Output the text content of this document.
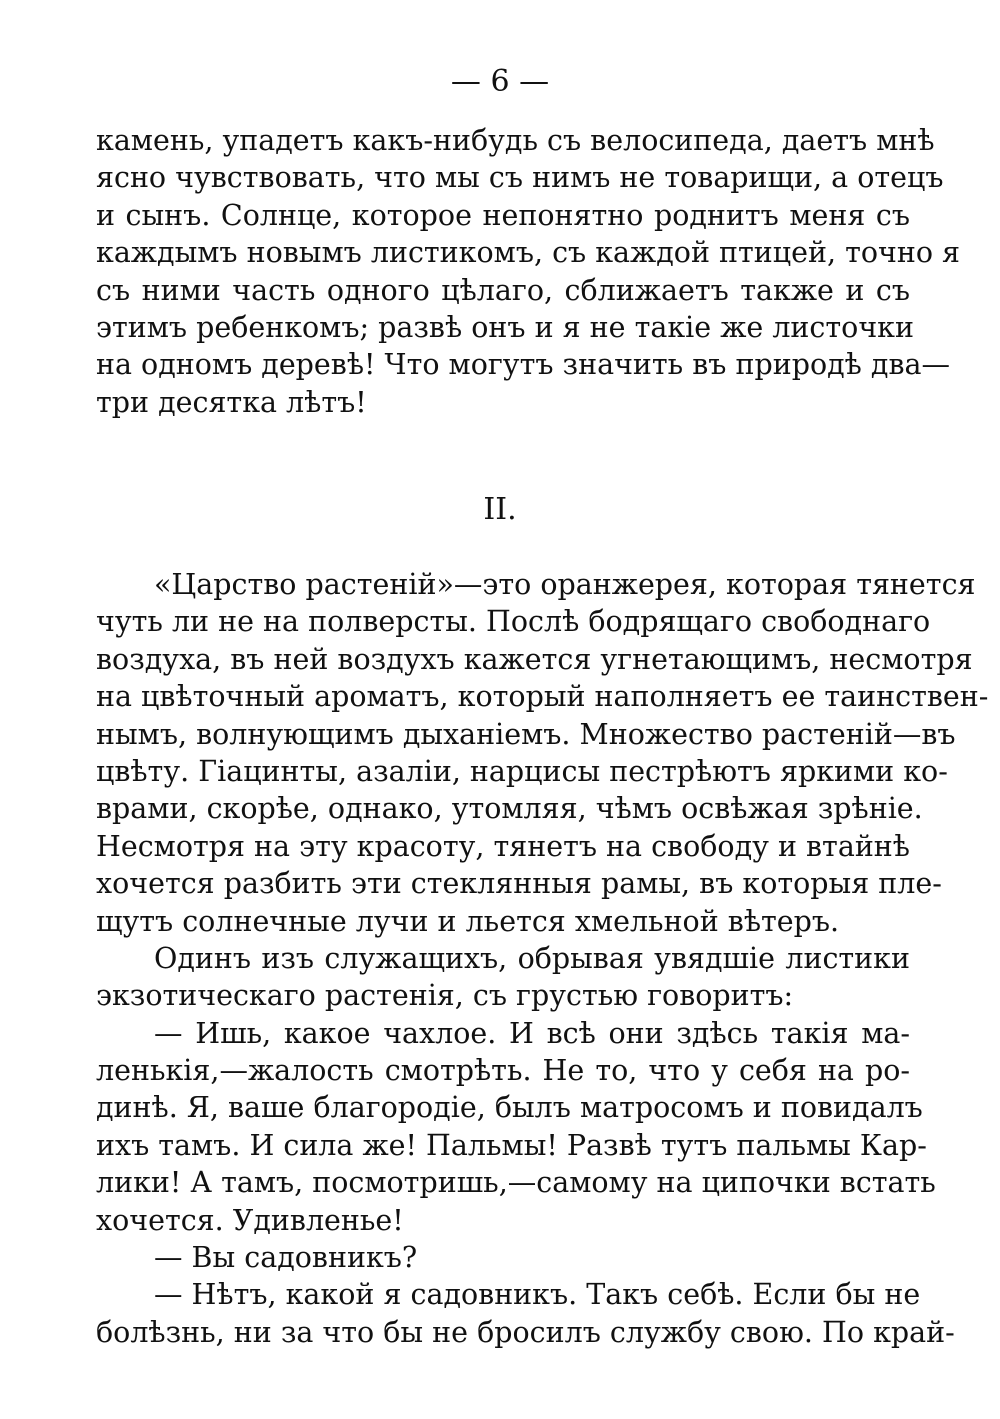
— 6 —
камень, упадетъ какъ-нибудь съ велосипеда, даетъ мнѣ
ясно чувствовать, что мы съ нимъ не товарищи, а отецъ
и сынъ. Солнце, которое непонятно роднитъ меня съ
каждымъ новымъ листикомъ, съ каждой птицей, точно я
съ ними часть одного цѣлаго, сближаетъ также и съ
этимъ ребенкомъ; развѣ онъ и я не такіе же листочки
на одномъ деревѣ! Что могутъ значить въ природѣ два—
три десятка лѣтъ!
II.
«Царство растеній»—это оранжерея, которая тянется
чуть ли не на полверсты. Послѣ бодрящаго свободнаго
воздуха, въ ней воздухъ кажется угнетающимъ, несмотря
на цвѣточный ароматъ, который наполняетъ ее таинствен-
нымъ, волнующимъ дыханіемъ. Множество растеній—въ
цвѣту. Гіацинты, азаліи, нарцисы пестрѣютъ яркими ко-
врами, скорѣе, однако, утомляя, чѣмъ освѣжая зрѣніе.
Несмотря на эту красоту, тянетъ на свободу и втайнѣ
хочется разбить эти стеклянныя рамы, въ которыя пле-
щутъ солнечные лучи и льется хмельной вѣтеръ.
Одинъ изъ служащихъ, обрывая увядшіе листики
экзотическаго растенія, съ грустью говоритъ:
— Ишь, какое чахлое. И всѣ они здѣсь такія ма-
ленькія,—жалость смотрѣть. Не то, что у себя на ро-
динѣ. Я, ваше благородіе, былъ матросомъ и повидалъ
ихъ тамъ. И сила же! Пальмы! Развѣ тутъ пальмы Кар-
лики! А тамъ, посмотришь,—самому на ципочки встать
хочется. Удивленье!
— Вы садовникъ?
— Нѣтъ, какой я садовникъ. Такъ себѣ. Если бы не
болѣзнь, ни за что бы не бросилъ службу свою. По край-
